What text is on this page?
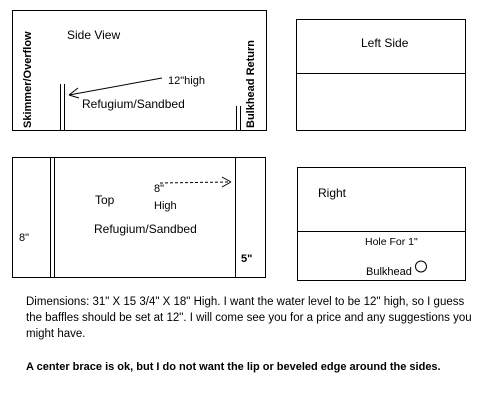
Side View
Skimmer/Overflow	Bulkhead Return
12"high
Refugium/Sandbed
Left Side
Top
8"
High
Refugium/Sandbed
8"
5"
Right
Hole For 1"
Bulkhead

Dimensions: 31" X 15 3/4" X 18" High. I want the water level to be 12" high, so I guess the baffles should be set at 12". I will come see you for a price and any suggestions you might have.

A center brace is ok, but I do not want the lip or beveled edge around the sides.
